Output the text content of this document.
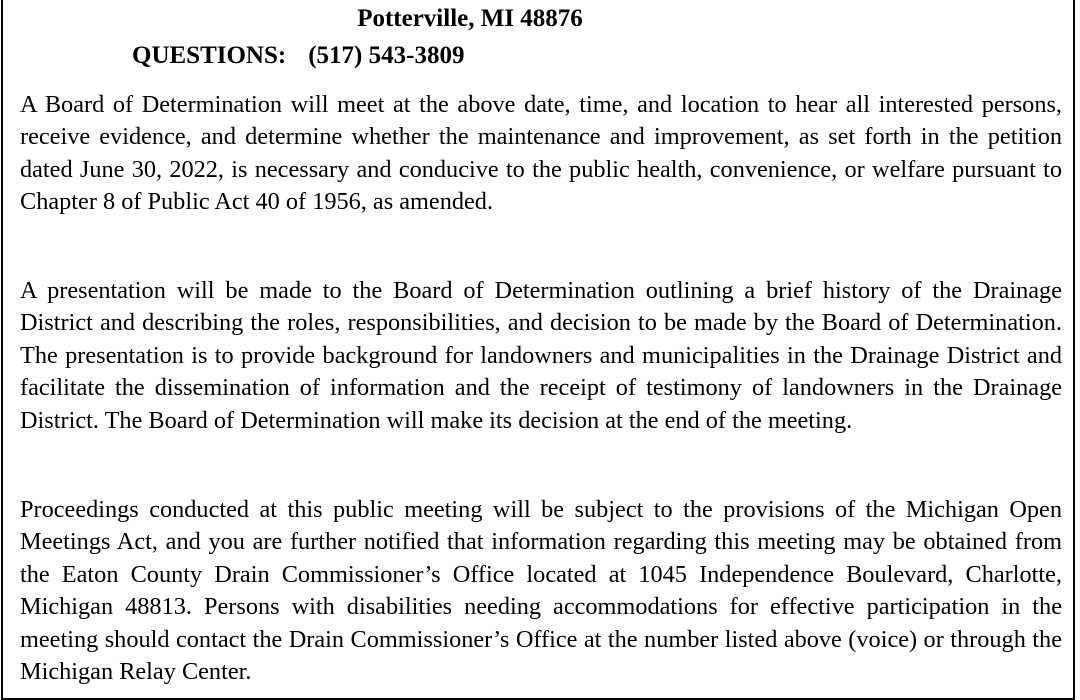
Potterville, MI 48876
QUESTIONS: (517) 543-3809

A Board of Determination will meet at the above date, time, and location to hear all interested persons, receive evidence, and determine whether the maintenance and improvement, as set forth in the petition dated June 30, 2022, is necessary and conducive to the public health, convenience, or welfare pursuant to Chapter 8 of Public Act 40 of 1956, as amended.

A presentation will be made to the Board of Determination outlining a brief history of the Drainage District and describing the roles, responsibilities, and decision to be made by the Board of Determination. The presentation is to provide background for landowners and municipalities in the Drainage District and facilitate the dissemination of information and the receipt of testimony of landowners in the Drainage District. The Board of Determination will make its decision at the end of the meeting.

Proceedings conducted at this public meeting will be subject to the provisions of the Michigan Open Meetings Act, and you are further notified that information regarding this meeting may be obtained from the Eaton County Drain Commissioner’s Office located at 1045 Independence Boulevard, Charlotte, Michigan 48813. Persons with disabilities needing accommodations for effective participation in the meeting should contact the Drain Commissioner’s Office at the number listed above (voice) or through the Michigan Relay Center.
